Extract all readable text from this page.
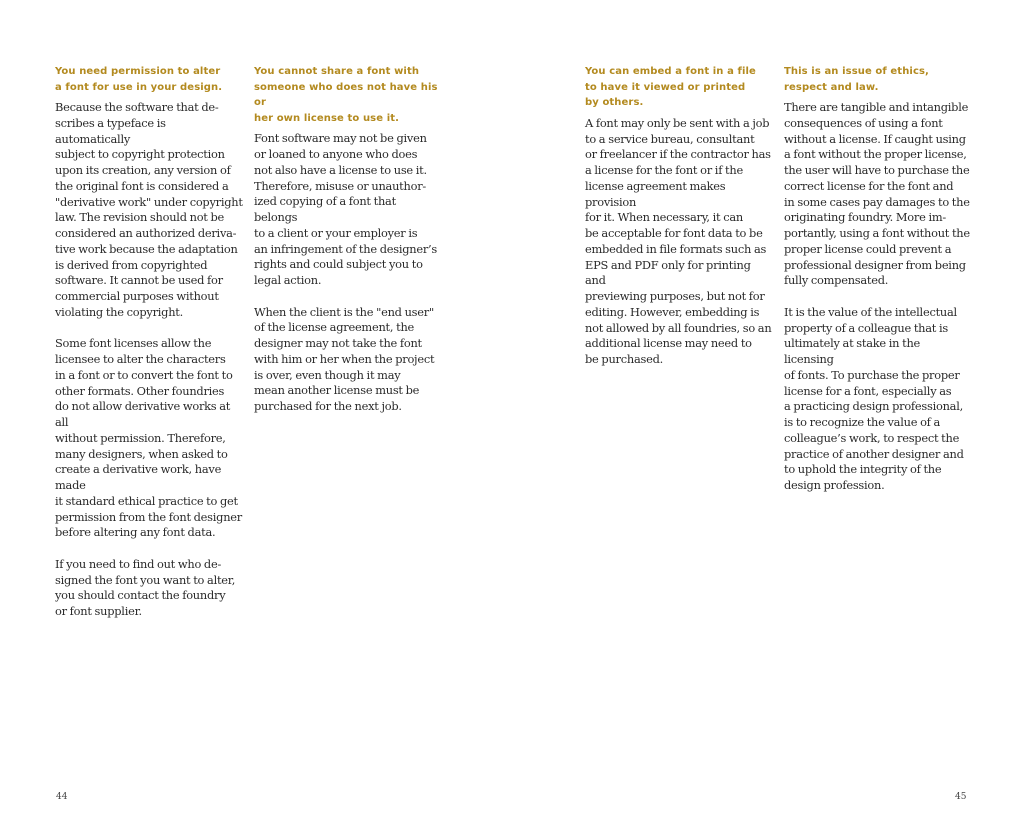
You need permission to alter
a font for use in your design.
Because the software that de-
scribes a typeface is automatically
subject to copyright protection
upon its creation, any version of
the original font is considered a
"derivative work" under copyright
law. The revision should not be
considered an authorized deriva-
tive work because the adaptation
is derived from copyrighted
software. It cannot be used for
commercial purposes without
violating the copyright.
Some font licenses allow the
licensee to alter the characters
in a font or to convert the font to
other formats. Other foundries
do not allow derivative works at all
without permission. Therefore,
many designers, when asked to
create a derivative work, have made
it standard ethical practice to get
permission from the font designer
before altering any font data.
If you need to find out who de-
signed the font you want to alter,
you should contact the foundry
or font supplier.
You cannot share a font with
someone who does not have his or
her own license to use it.
Font software may not be given
or loaned to anyone who does
not also have a license to use it.
Therefore, misuse or unauthor-
ized copying of a font that belongs
to a client or your employer is
an infringement of the designer’s
rights and could subject you to
legal action.
When the client is the "end user"
of the license agreement, the
designer may not take the font
with him or her when the project
is over, even though it may
mean another license must be
purchased for the next job.
You can embed a font in a file
to have it viewed or printed
by others.
A font may only be sent with a job
to a service bureau, consultant
or freelancer if the contractor has
a license for the font or if the
license agreement makes provision
for it. When necessary, it can
be acceptable for font data to be
embedded in file formats such as
EPS and PDF only for printing and
previewing purposes, but not for
editing. However, embedding is
not allowed by all foundries, so an
additional license may need to
be purchased.
This is an issue of ethics,
respect and law.
There are tangible and intangible
consequences of using a font
without a license. If caught using
a font without the proper license,
the user will have to purchase the
correct license for the font and
in some cases pay damages to the
originating foundry. More im-
portantly, using a font without the
proper license could prevent a
professional designer from being
fully compensated.
It is the value of the intellectual
property of a colleague that is
ultimately at stake in the licensing
of fonts. To purchase the proper
license for a font, especially as
a practicing design professional,
is to recognize the value of a
colleague’s work, to respect the
practice of another designer and
to uphold the integrity of the
design profession.
44	45
